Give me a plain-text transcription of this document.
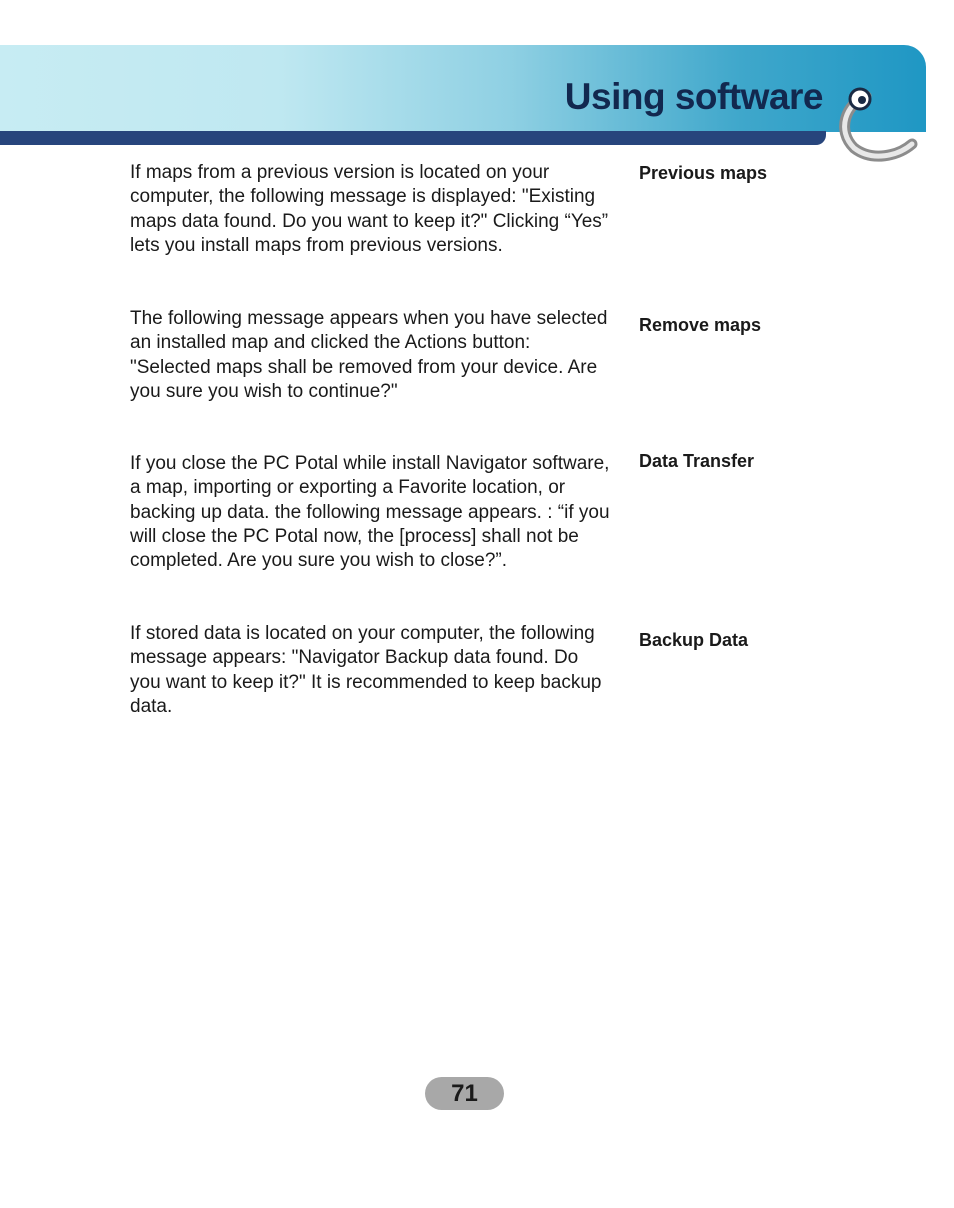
Using software

If maps from a previous version is located on your computer, the following message is displayed: "Existing maps data found. Do you want to keep it?" Clicking “Yes” lets you install maps from previous versions.

Previous maps

The following message appears when you have selected an installed map and clicked the Actions button: "Selected maps shall be removed from your device. Are you sure you wish to continue?"

Remove maps

If you close the PC Potal while install Navigator software, a map, importing or exporting a Favorite location, or backing up data. the following message appears. : “if you will close the PC Potal now, the [process] shall not be completed. Are you sure you wish to close?”.

Data Transfer

If stored data is located on your computer, the following message appears: "Navigator Backup data found. Do you want to keep it?" It is recommended to keep backup data.

Backup Data
71
